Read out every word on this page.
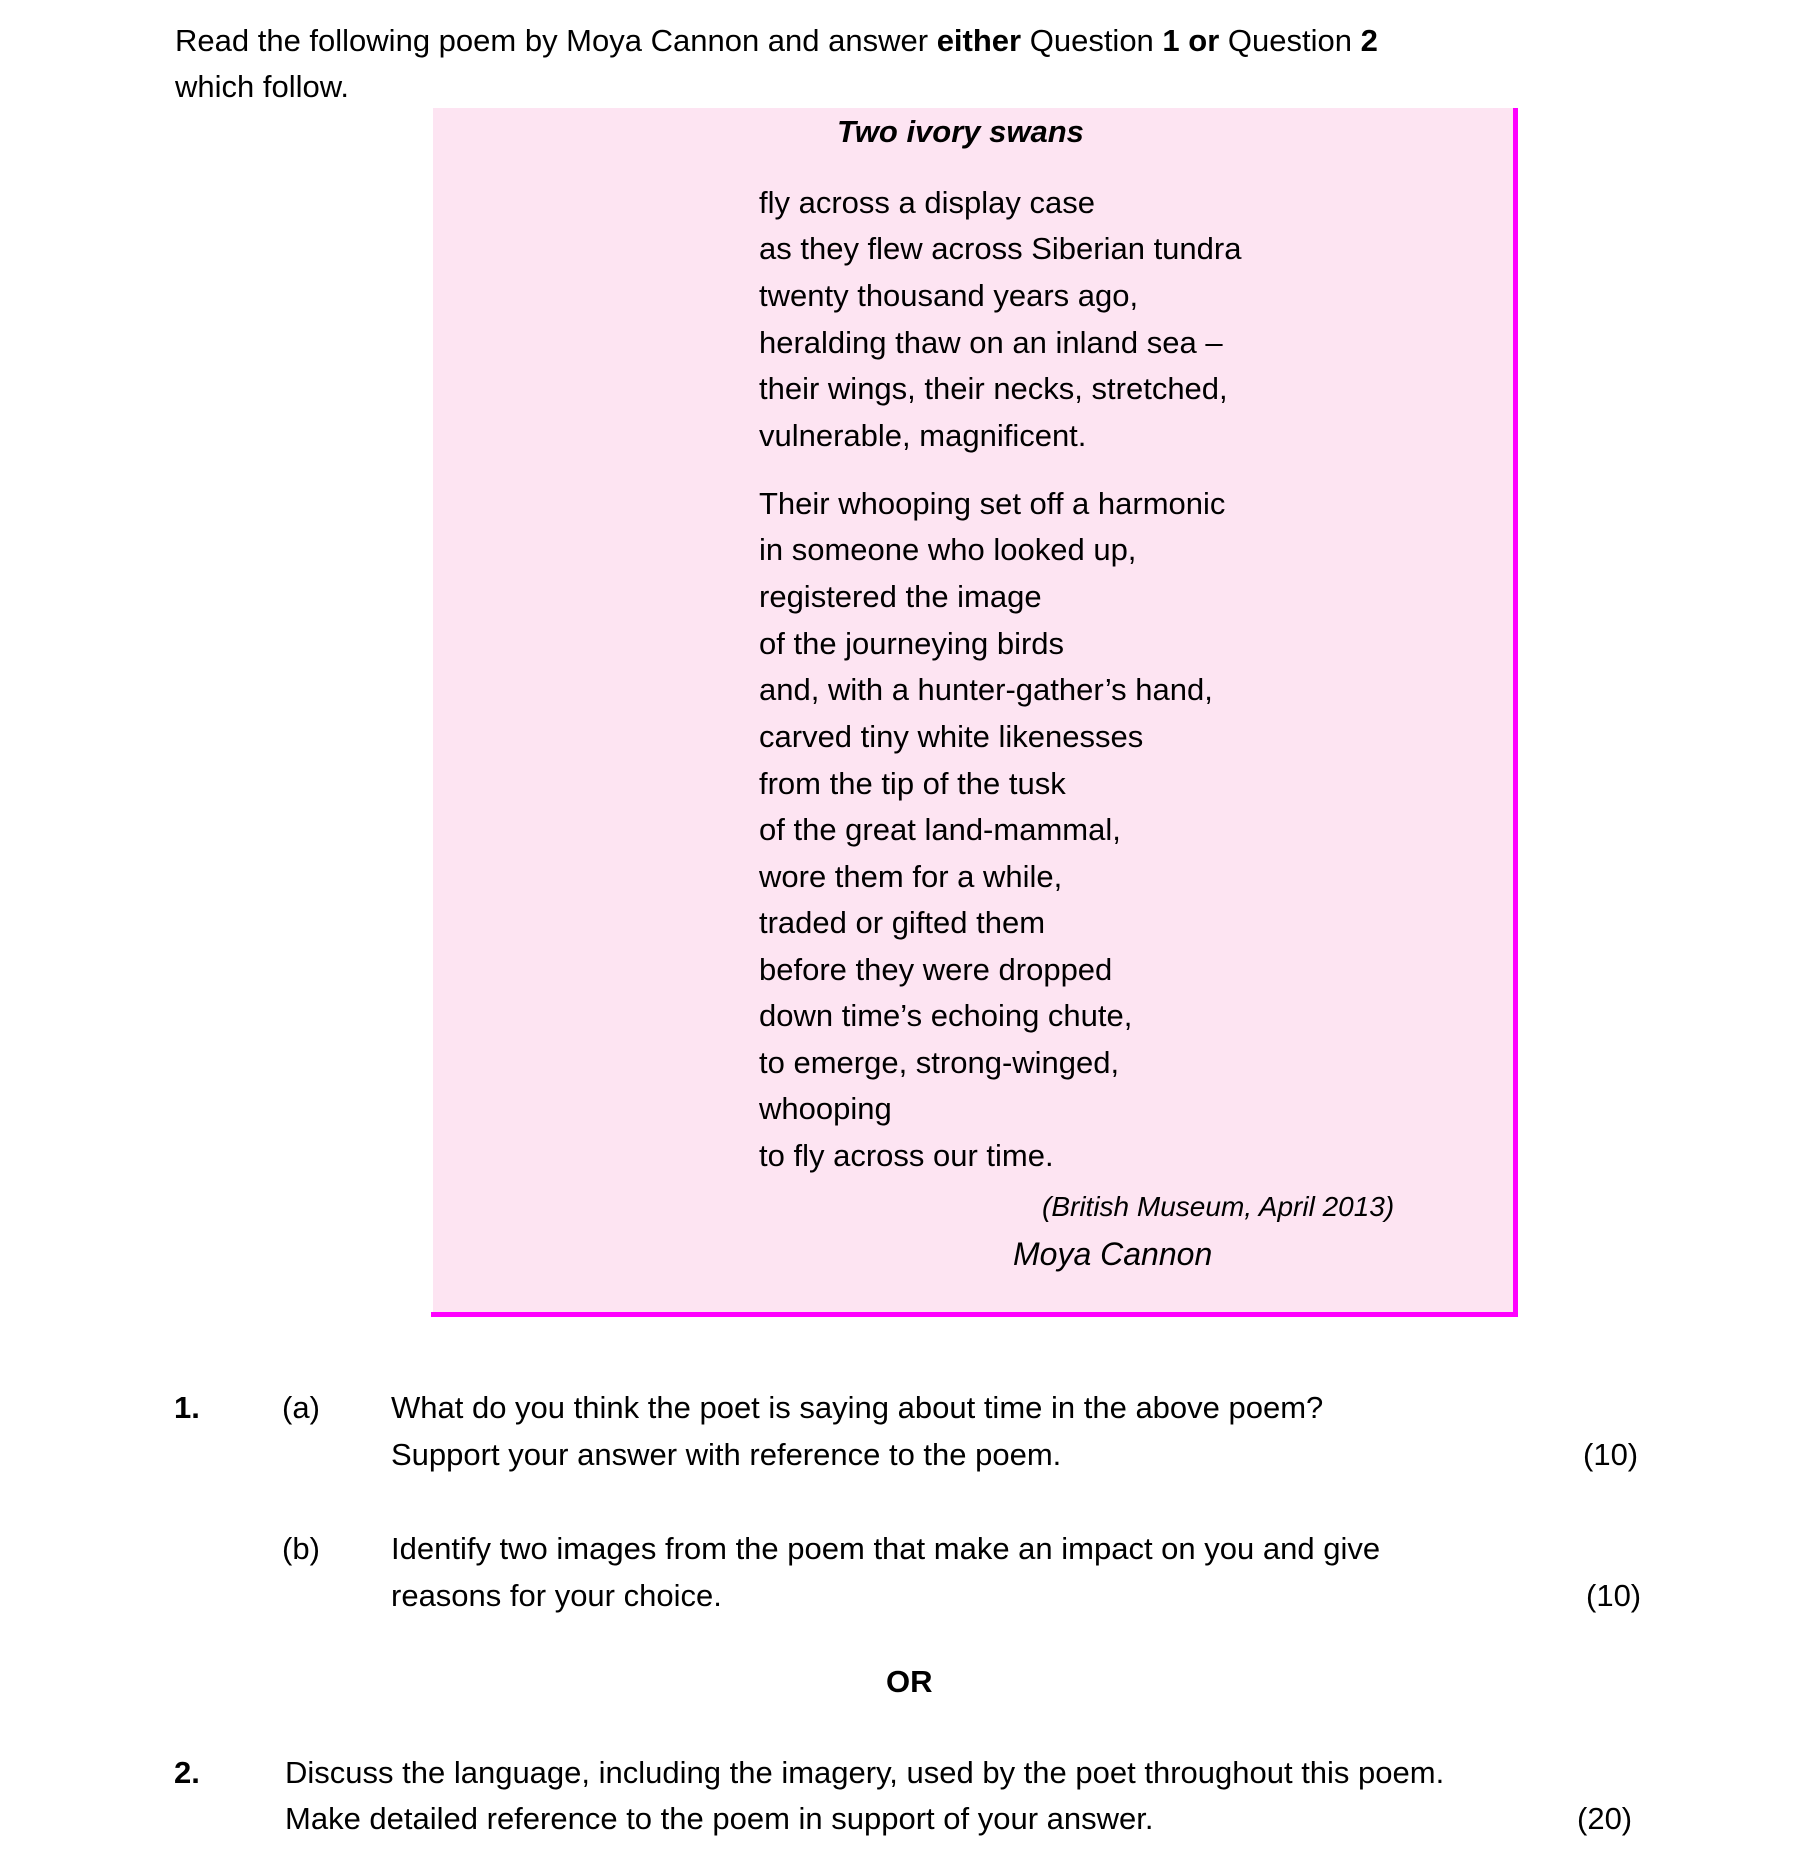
Read the following poem by Moya Cannon and answer either Question 1 or Question 2
which follow.
Two ivory swans
fly across a display case
as they flew across Siberian tundra
twenty thousand years ago,
heralding thaw on an inland sea –
their wings, their necks, stretched,
vulnerable, magnificent.
Their whooping set off a harmonic
in someone who looked up,
registered the image
of the journeying birds
and, with a hunter-gather’s hand,
carved tiny white likenesses
from the tip of the tusk
of the great land-mammal,
wore them for a while,
traded or gifted them
before they were dropped
down time’s echoing chute,
to emerge, strong-winged,
whooping
to fly across our time.
(British Museum, April 2013)
Moya Cannon
1.	(a) What do you think the poet is saying about time in the above poem?
Support your answer with reference to the poem.	(10)
(b) Identify two images from the poem that make an impact on you and give
reasons for your choice.	(10)
OR
2.	Discuss the language, including the imagery, used by the poet throughout this poem.
Make detailed reference to the poem in support of your answer.	(20)
